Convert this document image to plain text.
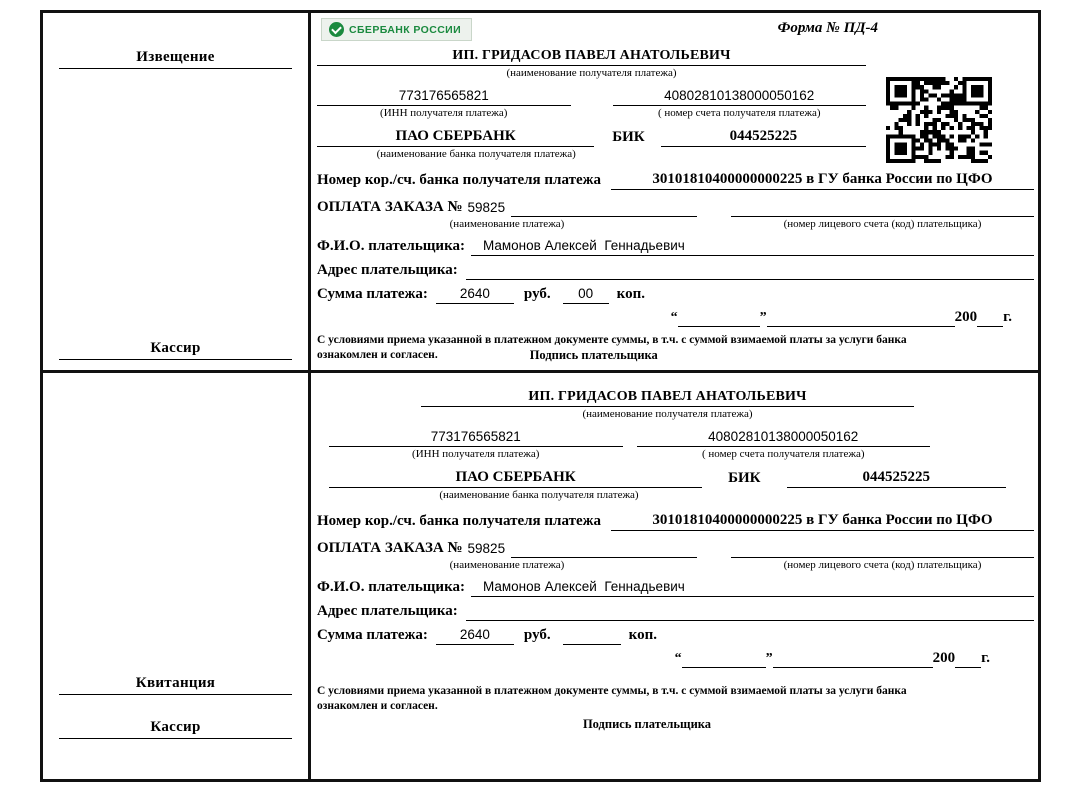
Извещение
Кассир
СБЕРБАНК РОССИИ	Форма № ПД-4
ИП. ГРИДАСОВ ПАВЕЛ АНАТОЛЬЕВИЧ
(наименование получателя платежа)
773176565821	40802810138000050162
(ИНН получателя платежа)	( номер счета получателя платежа)
ПАО СБЕРБАНК	БИК	044525225
(наименование банка получателя платежа)
Номер кор./сч. банка получателя платежа	30101810400000000225 в ГУ банка России по ЦФО
ОПЛАТА ЗАКАЗА № 59825
(наименование платежа)	(номер лицевого счета (код) плательщика)
Ф.И.О. плательщика:	Мамонов Алексей  Геннадьевич
Адрес плательщика:
Сумма платежа:	2640	руб.	00	коп.
“	”	200 г.
С условиями приема указанной в платежном документе суммы, в т.ч. с суммой взимаемой платы за услуги банка
ознакомлен и согласен.	Подпись плательщика
Квитанция
Кассир
ИП. ГРИДАСОВ ПАВЕЛ АНАТОЛЬЕВИЧ
(наименование получателя платежа)
773176565821	40802810138000050162
(ИНН получателя платежа)	( номер счета получателя платежа)
ПАО СБЕРБАНК	БИК	044525225
(наименование банка получателя платежа)
Номер кор./сч. банка получателя платежа	30101810400000000225 в ГУ банка России по ЦФО
ОПЛАТА ЗАКАЗА № 59825
(наименование платежа)	(номер лицевого счета (код) плательщика)
Ф.И.О. плательщика:	Мамонов Алексей  Геннадьевич
Адрес плательщика:
Сумма платежа:	2640	руб.	коп.
“	”	200 г.
С условиями приема указанной в платежном документе суммы, в т.ч. с суммой взимаемой платы за услуги банка
ознакомлен и согласен.
Подпись плательщика
